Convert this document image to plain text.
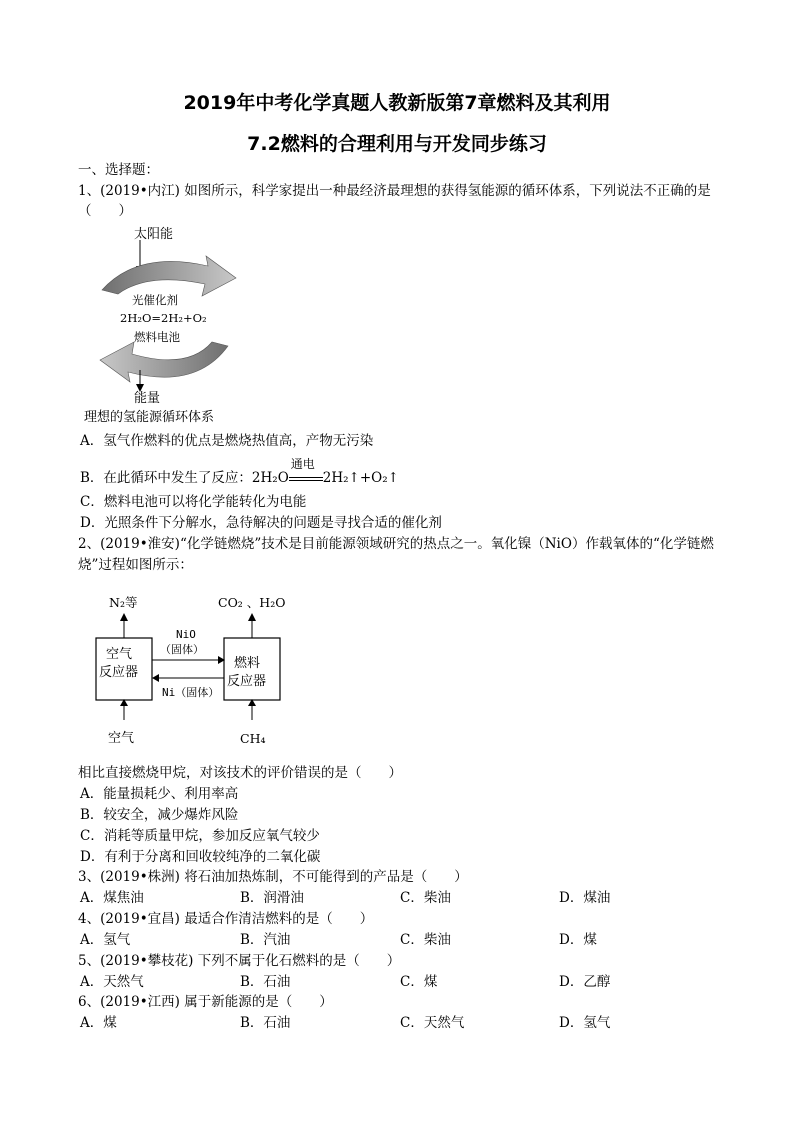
2019年中考化学真题人教新版第7章燃料及其利用
7.2燃料的合理利用与开发同步练习
一、选择题：
1、(2019•内江) 如图所示，科学家提出一种最经济最理想的获得氢能源的循环体系，下列说法不正确的是
（　　）
太阳能
光催化剂
2H₂O=2H₂+O₂
燃料电池
能量
理想的氢能源循环体系
A．氢气作燃料的优点是燃烧热值高，产物无污染
B．在此循环中发生了反应：2H₂O
通电
2H₂↑+O₂↑
C．燃料电池可以将化学能转化为电能
D．光照条件下分解水，急待解决的问题是寻找合适的催化剂
2、(2019•淮安)“化学链燃烧”技术是目前能源领域研究的热点之一。氧化镍（NiO）作载氧体的“化学链燃烧”过程如图所示：
N₂等	CO₂ 、H₂O
空气
反应器
燃料
反应器
NiO
（固体）
Ni（固体）
空气	CH₄
相比直接燃烧甲烷，对该技术的评价错误的是（　　）
A．能量损耗少、利用率高
B．较安全，减少爆炸风险
C．消耗等质量甲烷，参加反应氧气较少
D．有利于分离和回收较纯净的二氧化碳
3、(2019•株洲) 将石油加热炼制，不可能得到的产品是（　　）
A．煤焦油	B．润滑油	C．柴油	D．煤油
4、(2019•宜昌) 最适合作清洁燃料的是（　　）
A．氢气	B．汽油	C．柴油	D．煤
5、(2019•攀枝花) 下列不属于化石燃料的是（　　）
A．天然气	B．石油	C．煤	D．乙醇
6、(2019•江西) 属于新能源的是（　　）
A．煤	B．石油	C．天然气	D．氢气
